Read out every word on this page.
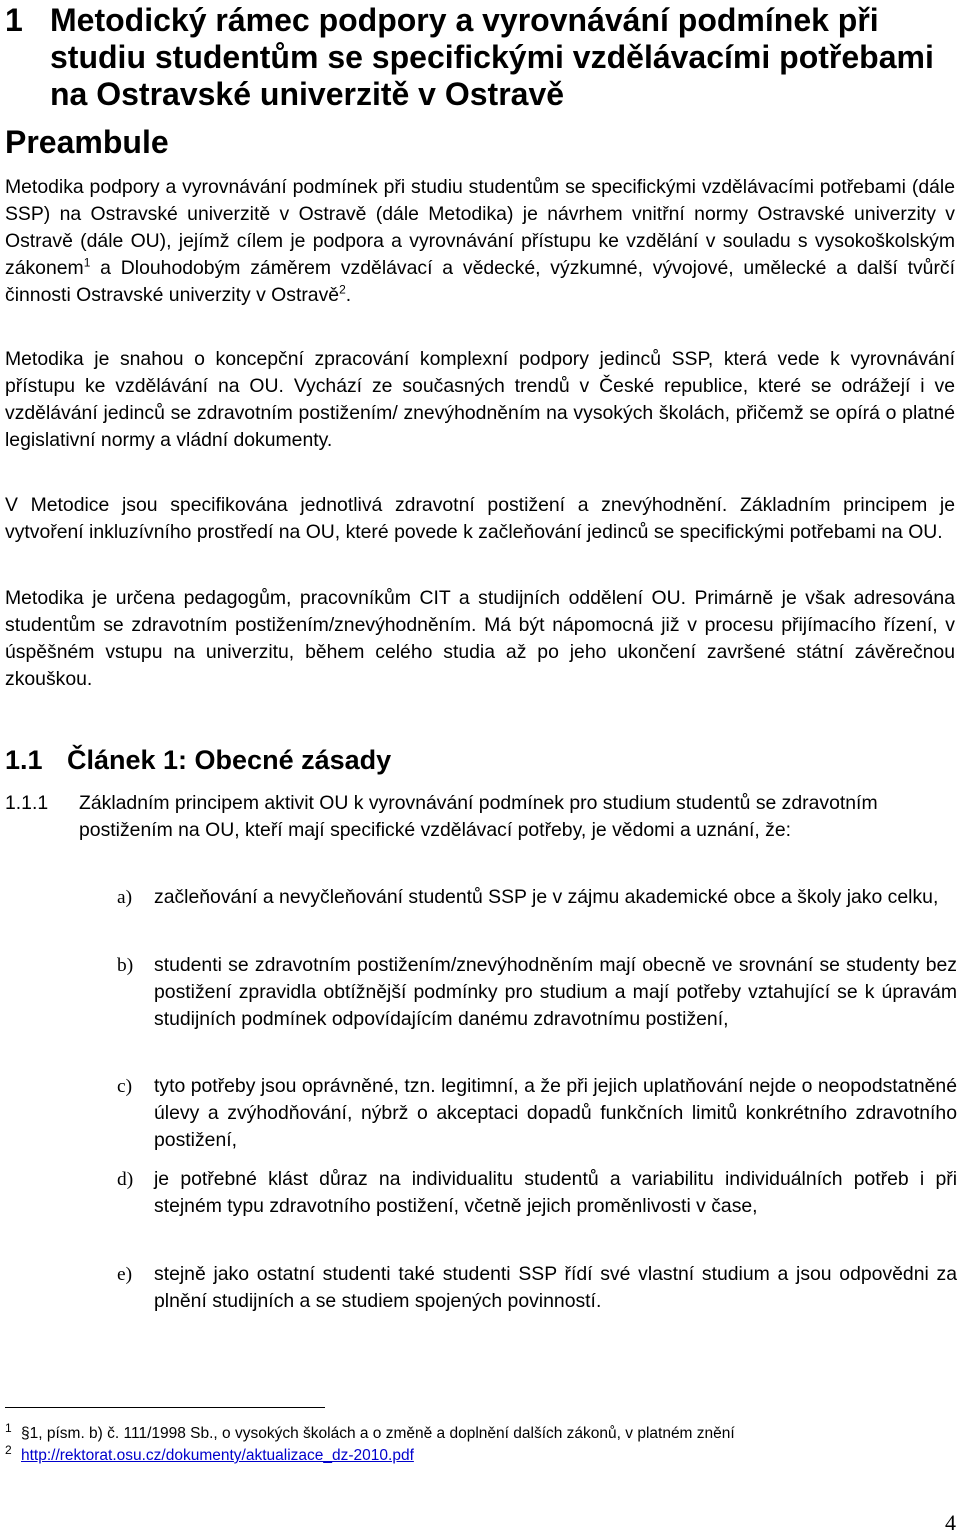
1 Metodický rámec podpory a vyrovnávání podmínek při studiu studentům se specifickými vzdělávacími potřebami na Ostravské univerzitě v Ostravě
Preambule
Metodika podpory a vyrovnávání podmínek při studiu studentům se specifickými vzdělávacími potřebami (dále SSP) na Ostravské univerzitě v Ostravě (dále Metodika) je návrhem vnitřní normy Ostravské univerzity v Ostravě (dále OU), jejímž cílem je podpora a vyrovnávání přístupu ke vzdělání v souladu s vysokoškolským zákonem$^1$ a Dlouhodobým záměrem vzdělávací a vědecké, výzkumné, vývojové, umělecké a další tvůrčí činnosti Ostravské univerzity v Ostravě$^2$.
Metodika je snahou o koncepční zpracování komplexní podpory jedinců SSP, která vede k vyrovnávání přístupu ke vzdělávání na OU. Vychází ze současných trendů v České republice, které se odrážejí i ve vzdělávání jedinců se zdravotním postižením/ znevýhodněním na vysokých školách, přičemž se opírá o platné legislativní normy a vládní dokumenty.
V Metodice jsou specifikována jednotlivá zdravotní postižení a znevýhodnění. Základním principem je vytvoření inkluzívního prostředí na OU, které povede k začleňování jedinců se specifickými potřebami na OU.
Metodika je určena pedagogům, pracovníkům CIT a studijních oddělení OU. Primárně je však adresována studentům se zdravotním postižením/znevýhodněním. Má být nápomocná již v procesu přijímacího řízení, v úspěšném vstupu na univerzitu, během celého studia až po jeho ukončení završené státní závěrečnou zkouškou.
1.1 Článek 1: Obecné zásady
1.1.1 Základním principem aktivit OU k vyrovnávání podmínek pro studium studentů se zdravotním postižením na OU, kteří mají specifické vzdělávací potřeby, je vědomi a uznání, že:
a) začleňování a nevyčleňování studentů SSP je v zájmu akademické obce a školy jako celku,
b) studenti se zdravotním postižením/znevýhodněním mají obecně ve srovnání se studenty bez postižení zpravidla obtížnější podmínky pro studium a mají potřeby vztahující se k úpravám studijních podmínek odpovídajícím danému zdravotnímu postižení,
c) tyto potřeby jsou oprávněné, tzn. legitimní, a že při jejich uplatňování nejde o neopodstatněné úlevy a zvýhodňování, nýbrž o akceptaci dopadů funkčních limitů konkrétního zdravotního postižení,
d) je potřebné klást důraz na individualitu studentů a variabilitu individuálních potřeb i při stejném typu zdravotního postižení, včetně jejich proměnlivosti v čase,
e) stejně jako ostatní studenti také studenti SSP řídí své vlastní studium a jsou odpovědni za plnění studijních a se studiem spojených povinností.
1 §1, písm. b) č. 111/1998 Sb., o vysokých školách a o změně a doplnění dalších zákonů, v platném znění
2 http://rektorat.osu.cz/dokumenty/aktualizace_dz-2010.pdf
4
